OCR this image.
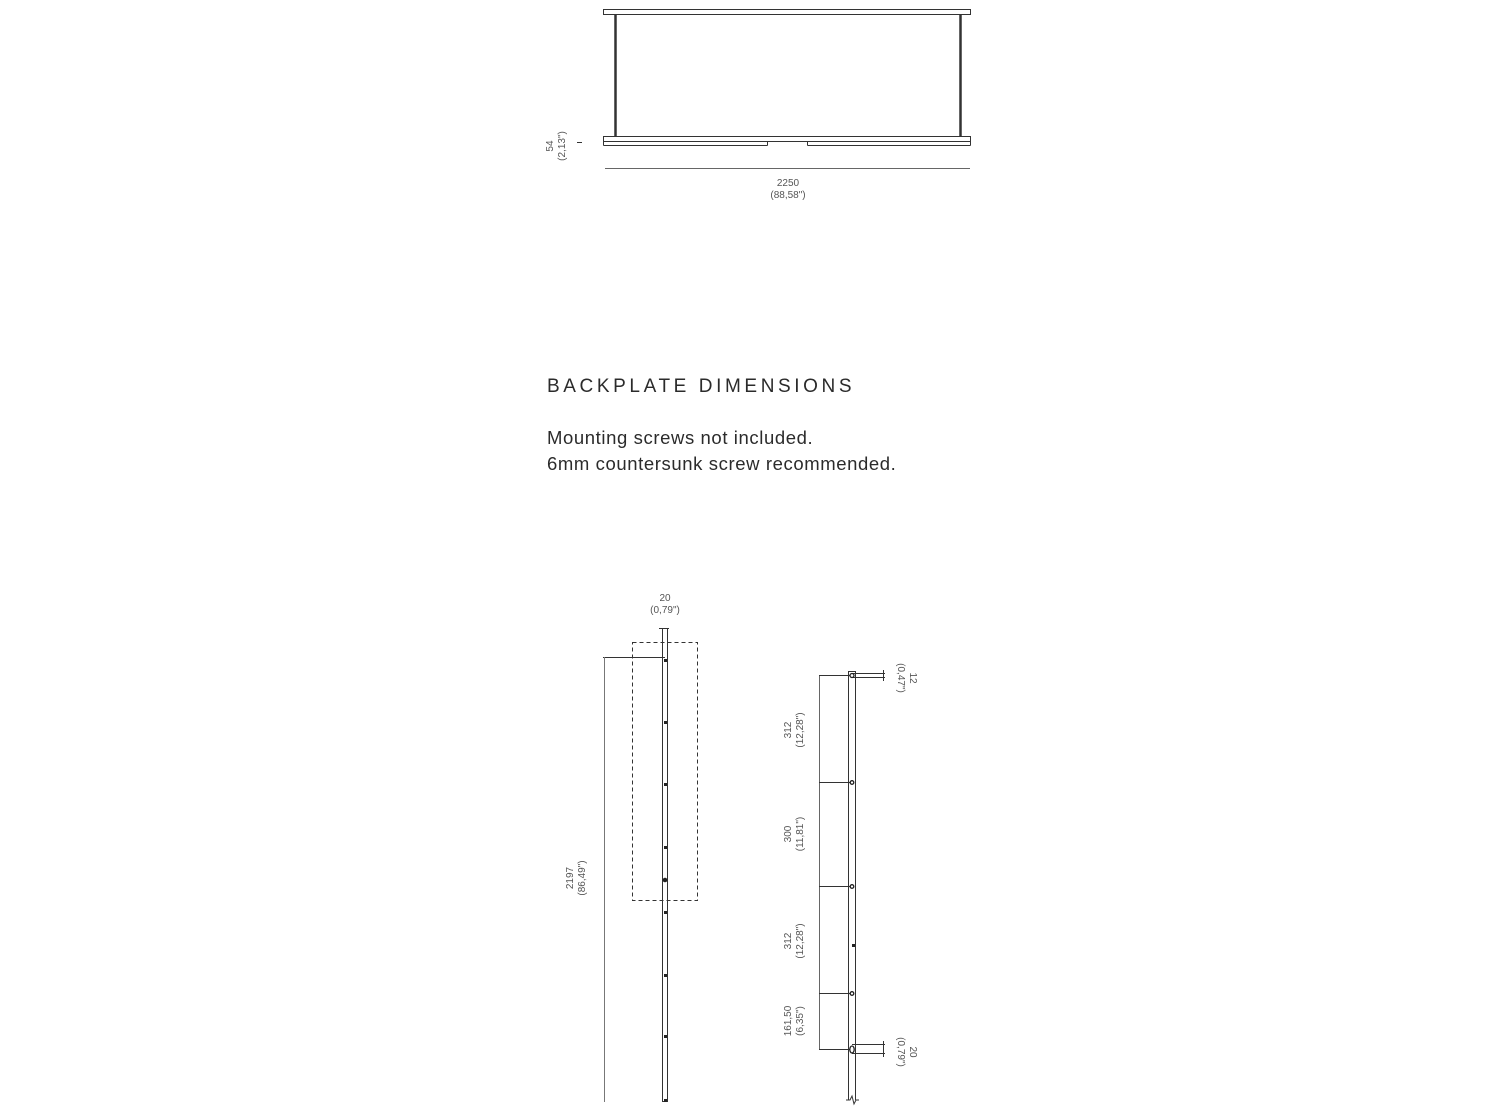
54 (2,13")
2250
(88,58")
BACKPLATE DIMENSIONS
Mounting screws not included.
6mm countersunk screw recommended.
20
(0,79")
2197 (86,49")
12
(0,47")
312 (12,28")
300 (11,81")
312 (12,28")
161,50 (6,35")
20
(0,79")
